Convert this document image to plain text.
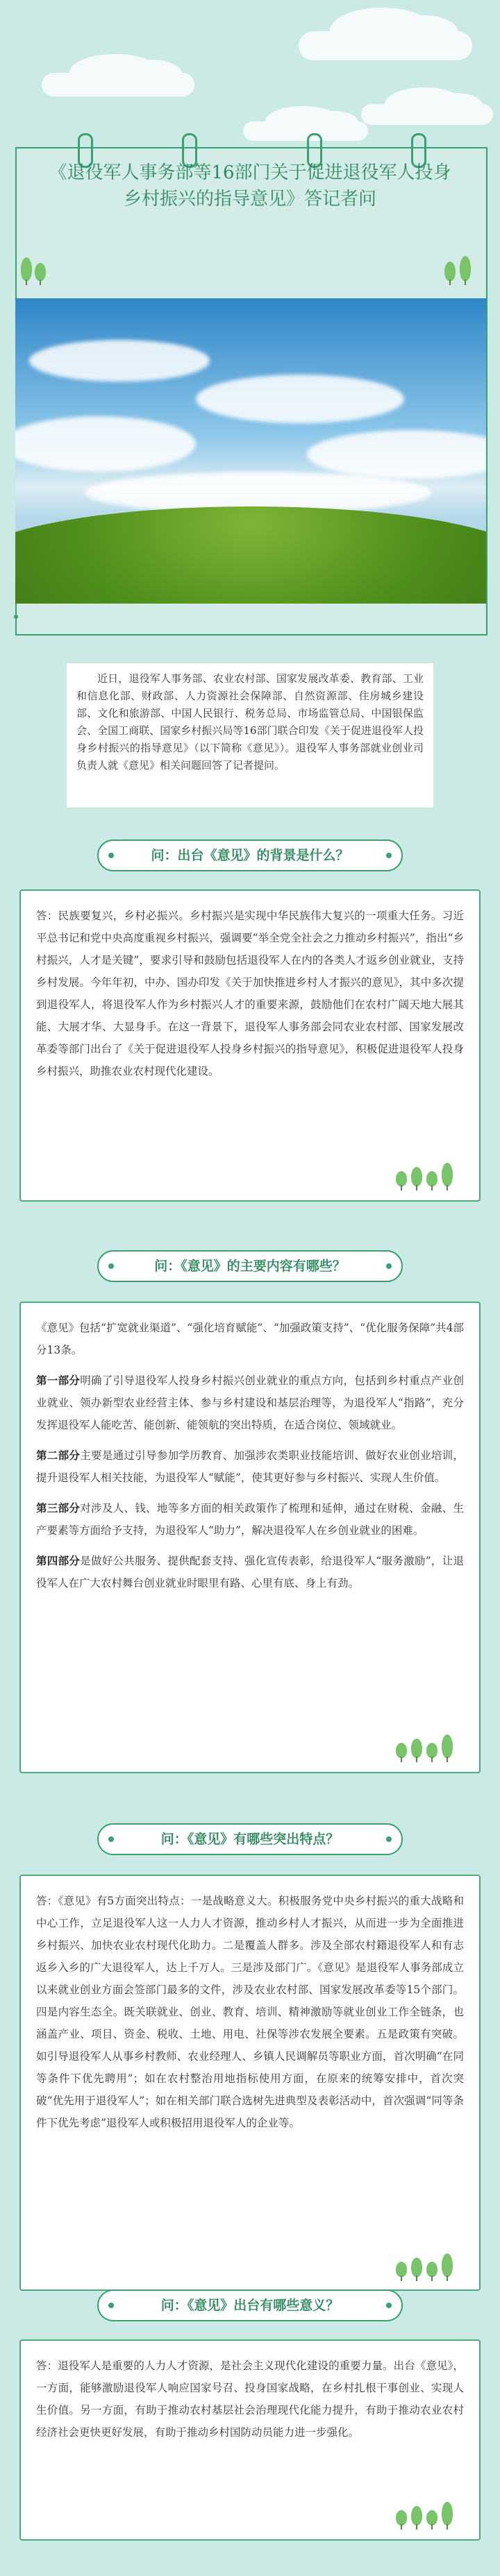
《退役军人事务部等16部门关于促进退役军人投身乡村振兴的指导意见》答记者问

近日，退役军人事务部、农业农村部、国家发展改革委、教育部、工业和信息化部、财政部、人力资源社会保障部、自然资源部、住房城乡建设部、文化和旅游部、中国人民银行、税务总局、市场监管总局、中国银保监会、全国工商联、国家乡村振兴局等16部门联合印发《关于促进退役军人投身乡村振兴的指导意见》（以下简称《意见》）。退役军人事务部就业创业司负责人就《意见》相关问题回答了记者提问。

问：出台《意见》的背景是什么？

答：民族要复兴，乡村必振兴。乡村振兴是实现中华民族伟大复兴的一项重大任务。习近平总书记和党中央高度重视乡村振兴，强调要“举全党全社会之力推动乡村振兴”，指出“乡村振兴，人才是关键”，要求引导和鼓励包括退役军人在内的各类人才返乡创业就业，支持乡村发展。今年年初，中办、国办印发《关于加快推进乡村人才振兴的意见》，其中多次提到退役军人，将退役军人作为乡村振兴人才的重要来源，鼓励他们在农村广阔天地大展其能、大展才华、大显身手。在这一背景下，退役军人事务部会同农业农村部、国家发展改革委等部门出台了《关于促进退役军人投身乡村振兴的指导意见》，积极促进退役军人投身乡村振兴，助推农业农村现代化建设。

问：《意见》的主要内容有哪些？

《意见》包括“扩宽就业渠道”、“强化培育赋能”、“加强政策支持”、“优化服务保障”共4部分13条。

第一部分明确了引导退役军人投身乡村振兴创业就业的重点方向，包括到乡村重点产业创业就业、领办新型农业经营主体、参与乡村建设和基层治理等，为退役军人“指路”，充分发挥退役军人能吃苦、能创新、能领航的突出特质，在适合岗位、领域就业。

第二部分主要是通过引导参加学历教育、加强涉农类职业技能培训、做好农业创业培训，提升退役军人相关技能，为退役军人“赋能”，使其更好参与乡村振兴、实现人生价值。

第三部分对涉及人、钱、地等多方面的相关政策作了梳理和延伸，通过在财税、金融、生产要素等方面给予支持，为退役军人“助力”，解决退役军人在乡创业就业的困难。

第四部分是做好公共服务、提供配套支持、强化宣传表彰，给退役军人“服务激励”，让退役军人在广大农村舞台创业就业时眼里有路、心里有底、身上有劲。

问：《意见》有哪些突出特点？

答：《意见》有5方面突出特点：一是战略意义大。积极服务党中央乡村振兴的重大战略和中心工作，立足退役军人这一人力人才资源，推动乡村人才振兴，从而进一步为全面推进乡村振兴、加快农业农村现代化助力。二是覆盖人群多。涉及全部农村籍退役军人和有志返乡入乡的广大退役军人，达上千万人。三是涉及部门广。《意见》是退役军人事务部成立以来就业创业方面会签部门最多的文件，涉及农业农村部、国家发展改革委等15个部门。四是内容生态全。既关联就业、创业、教育、培训、精神激励等就业创业工作全链条，也涵盖产业、项目、资金、税收、土地、用电、社保等涉农发展全要素。五是政策有突破。如引导退役军人从事乡村教师、农业经理人、乡镇人民调解员等职业方面，首次明确“在同等条件下优先聘用”；如在农村整治用地指标使用方面，在原来的统筹安排中，首次突破“优先用于退役军人”；如在相关部门联合选树先进典型及表彰活动中，首次强调“同等条件下优先考虑”退役军人或积极招用退役军人的企业等。

问：《意见》出台有哪些意义？

答：退役军人是重要的人力人才资源，是社会主义现代化建设的重要力量。出台《意见》，一方面，能够激励退役军人响应国家号召、投身国家战略，在乡村扎根干事创业、实现人生价值。另一方面，有助于推动农村基层社会治理现代化能力提升，有助于推动农业农村经济社会更快更好发展，有助于推动乡村国防动员能力进一步强化。
